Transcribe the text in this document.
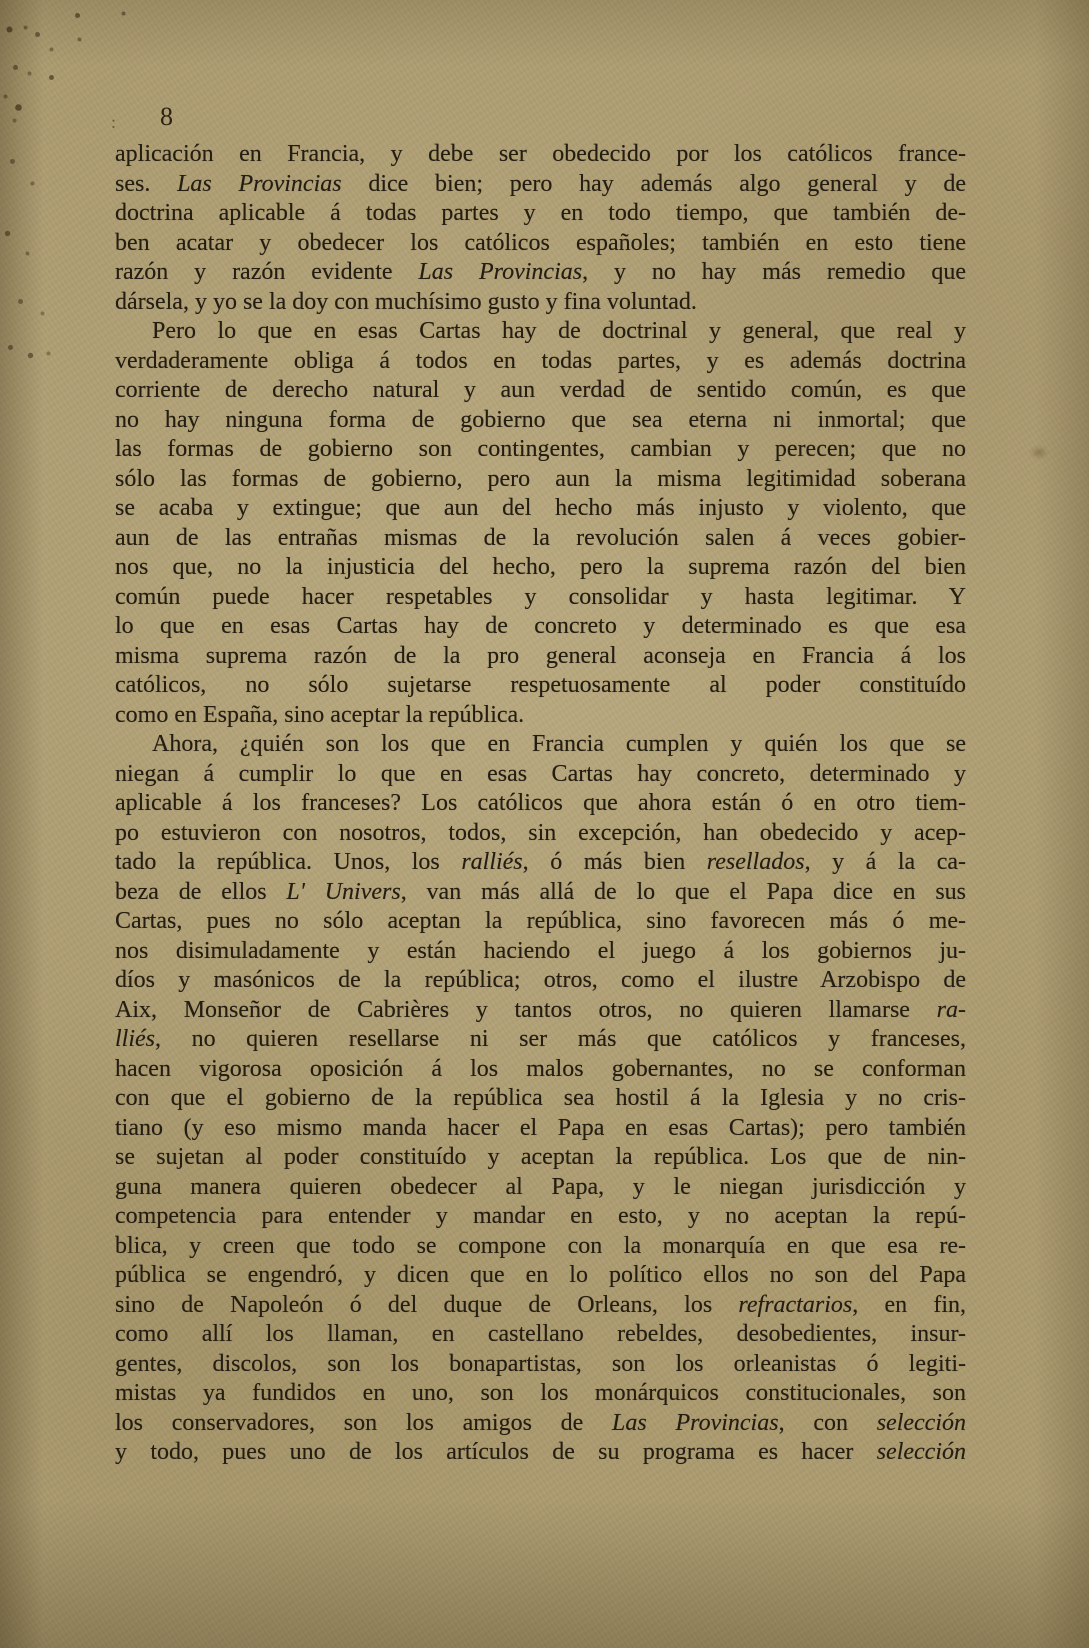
: 8
aplicación en Francia, y debe ser obedecido por los católicos france-
ses. Las Provincias dice bien; pero hay además algo general y de
doctrina aplicable á todas partes y en todo tiempo, que también de-
ben acatar y obedecer los católicos españoles; también en esto tiene
razón y razón evidente Las Provincias, y no hay más remedio que
dársela, y yo se la doy con muchísimo gusto y fina voluntad.
Pero lo que en esas Cartas hay de doctrinal y general, que real y
verdaderamente obliga á todos en todas partes, y es además doctrina
corriente de derecho natural y aun verdad de sentido común, es que
no hay ninguna forma de gobierno que sea eterna ni inmortal; que
las formas de gobierno son contingentes, cambian y perecen; que no
sólo las formas de gobierno, pero aun la misma legitimidad soberana
se acaba y extingue; que aun del hecho más injusto y violento, que
aun de las entrañas mismas de la revolución salen á veces gobier-
nos que, no la injusticia del hecho, pero la suprema razón del bien
común puede hacer respetables y consolidar y hasta legitimar. Y
lo que en esas Cartas hay de concreto y determinado es que esa
misma suprema razón de la pro general aconseja en Francia á los
católicos, no sólo sujetarse respetuosamente al poder constituído
como en España, sino aceptar la república.
Ahora, ¿quién son los que en Francia cumplen y quién los que se
niegan á cumplir lo que en esas Cartas hay concreto, determinado y
aplicable á los franceses? Los católicos que ahora están ó en otro tiem-
po estuvieron con nosotros, todos, sin excepción, han obedecido y acep-
tado la república. Unos, los ralliés, ó más bien resellados, y á la ca-
beza de ellos L' Univers, van más allá de lo que el Papa dice en sus
Cartas, pues no sólo aceptan la república, sino favorecen más ó me-
nos disimuladamente y están haciendo el juego á los gobiernos ju-
díos y masónicos de la república; otros, como el ilustre Arzobispo de
Aix, Monseñor de Cabrières y tantos otros, no quieren llamarse ra-
lliés, no quieren resellarse ni ser más que católicos y franceses,
hacen vigorosa oposición á los malos gobernantes, no se conforman
con que el gobierno de la república sea hostil á la Iglesia y no cris-
tiano (y eso mismo manda hacer el Papa en esas Cartas); pero también
se sujetan al poder constituído y aceptan la república. Los que de nin-
guna manera quieren obedecer al Papa, y le niegan jurisdicción y
competencia para entender y mandar en esto, y no aceptan la repú-
blica, y creen que todo se compone con la monarquía en que esa re-
pública se engendró, y dicen que en lo político ellos no son del Papa
sino de Napoleón ó del duque de Orleans, los refractarios, en fin,
como allí los llaman, en castellano rebeldes, desobedientes, insur-
gentes, discolos, son los bonapartistas, son los orleanistas ó legiti-
mistas ya fundidos en uno, son los monárquicos constitucionales, son
los conservadores, son los amigos de Las Provincias, con selección
y todo, pues uno de los artículos de su programa es hacer selección
